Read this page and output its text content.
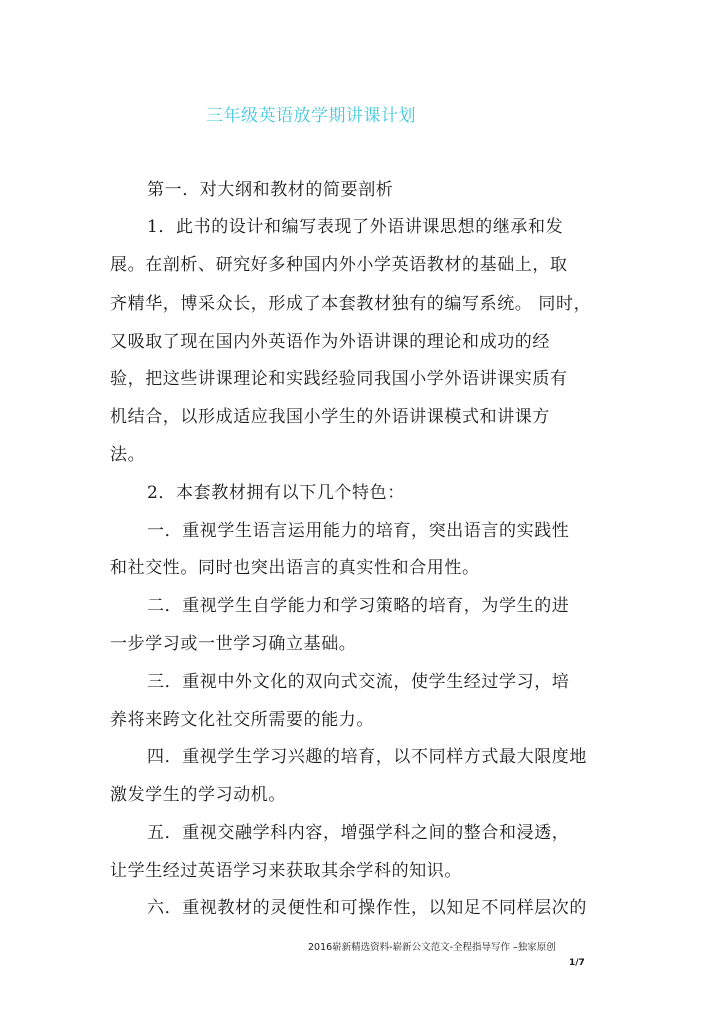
三年级英语放学期讲课计划
第一．对大纲和教材的简要剖析
1．此书的设计和编写表现了外语讲课思想的继承和发
展。在剖析、研究好多种国内外小学英语教材的基础上，取
齐精华，博采众长，形成了本套教材独有的编写系统。 同时，
又吸取了现在国内外英语作为外语讲课的理论和成功的经
验，把这些讲课理论和实践经验同我国小学外语讲课实质有
机结合，以形成适应我国小学生的外语讲课模式和讲课方
法。
2．本套教材拥有以下几个特色：
一．重视学生语言运用能力的培育，突出语言的实践性
和社交性。同时也突出语言的真实性和合用性。
二．重视学生自学能力和学习策略的培育，为学生的进
一步学习或一世学习确立基础。
三．重视中外文化的双向式交流，使学生经过学习，培
养将来跨文化社交所需要的能力。
四．重视学生学习兴趣的培育，以不同样方式最大限度地
激发学生的学习动机。
五．重视交融学科内容，增强学科之间的整合和浸透，
让学生经过英语学习来获取其余学科的知识。
六．重视教材的灵便性和可操作性，以知足不同样层次的
2016崭新精选资料-崭新公文范文-全程指导写作 –独家原创
1/7
